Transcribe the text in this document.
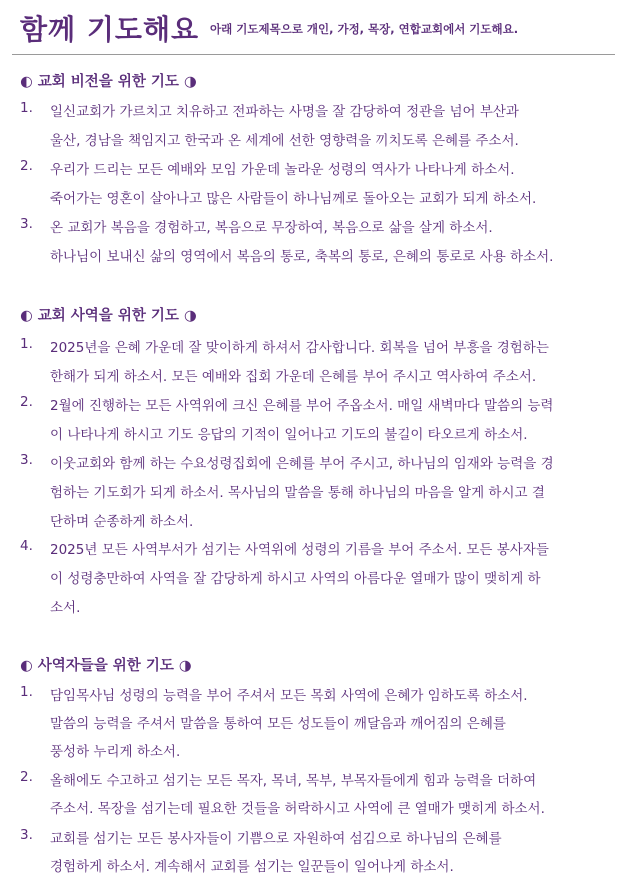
함께 기도해요 아래 기도제목으로 개인, 가정, 목장, 연합교회에서 기도해요.
◐ 교회 비전을 위한 기도 ◑
1. 일신교회가 가르치고 치유하고 전파하는 사명을 잘 감당하여 정관을 넘어 부산과
울산, 경남을 책임지고 한국과 온 세계에 선한 영향력을 끼치도록 은혜를 주소서.
2. 우리가 드리는 모든 예배와 모임 가운데 놀라운 성령의 역사가 나타나게 하소서.
죽어가는 영혼이 살아나고 많은 사람들이 하나님께로 돌아오는 교회가 되게 하소서.
3. 온 교회가 복음을 경험하고, 복음으로 무장하여, 복음으로 삶을 살게 하소서.
하나님이 보내신 삶의 영역에서 복음의 통로, 축복의 통로, 은혜의 통로로 사용 하소서.
◐ 교회 사역을 위한 기도 ◑
1. 2025년을 은혜 가운데 잘 맞이하게 하셔서 감사합니다. 회복을 넘어 부흥을 경험하는
한해가 되게 하소서. 모든 예배와 집회 가운데 은혜를 부어 주시고 역사하여 주소서.
2. 2월에 진행하는 모든 사역위에 크신 은혜를 부어 주옵소서. 매일 새벽마다 말씀의 능력
이 나타나게 하시고 기도 응답의 기적이 일어나고 기도의 불길이 타오르게 하소서.
3. 이웃교회와 함께 하는 수요성령집회에 은혜를 부어 주시고, 하나님의 임재와 능력을 경
험하는 기도회가 되게 하소서. 목사님의 말씀을 통해 하나님의 마음을 알게 하시고 결
단하며 순종하게 하소서.
4. 2025년 모든 사역부서가 섬기는 사역위에 성령의 기름을 부어 주소서. 모든 봉사자들
이 성령충만하여 사역을 잘 감당하게 하시고 사역의 아름다운 열매가 많이 맺히게 하
소서.
◐ 사역자들을 위한 기도 ◑
1. 담임목사님 성령의 능력을 부어 주셔서 모든 목회 사역에 은혜가 임하도록 하소서.
말씀의 능력을 주셔서 말씀을 통하여 모든 성도들이 깨달음과 깨어짐의 은혜를
풍성하 누리게 하소서.
2. 올해에도 수고하고 섬기는 모든 목자, 목녀, 목부, 부목자들에게 힘과 능력을 더하여
주소서. 목장을 섬기는데 필요한 것들을 허락하시고 사역에 큰 열매가 맺히게 하소서.
3. 교회를 섬기는 모든 봉사자들이 기쁨으로 자원하여 섬김으로 하나님의 은혜를
경험하게 하소서. 계속해서 교회를 섬기는 일꾼들이 일어나게 하소서.
